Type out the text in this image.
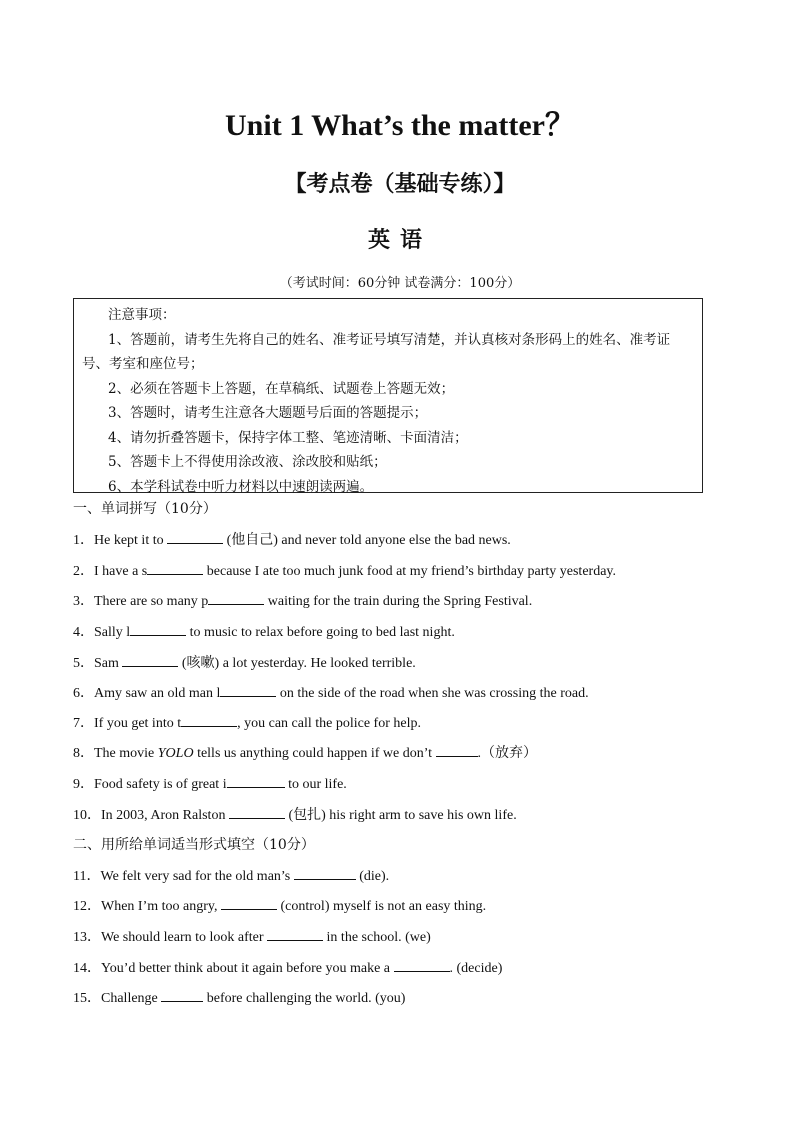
Unit 1 What’s the matter？
【考点卷（基础专练）】
英语
（考试时间：60分钟 试卷满分：100分）
注意事项：
1、答题前，请考生先将自己的姓名、准考证号填写清楚，并认真核对条形码上的姓名、准考证号、考室和座位号；
2、必须在答题卡上答题，在草稿纸、试题卷上答题无效；
3、答题时，请考生注意各大题题号后面的答题提示；
4、请勿折叠答题卡，保持字体工整、笔迹清晰、卡面清洁；
5、答题卡上不得使用涂改液、涂改胶和贴纸；
6、本学科试卷中听力材料以中速朗读两遍。
一、单词拼写（10分）
1．He kept it to	(他自己) and never told anyone else the bad news.
2．I have a s	because I ate too much junk food at my friend’s birthday party yesterday.
3．There are so many p	waiting for the train during the Spring Festival.
4．Sally l	to music to relax before going to bed last night.
5．Sam	(咳嗽) a lot yesterday. He looked terrible.
6．Amy saw an old man l	on the side of the road when she was crossing the road.
7．If you get into t	, you can call the police for help.
8．The movie YOLO tells us anything could happen if we don’t	.（放弃）
9．Food safety is of great i	to our life.
10．In 2003, Aron Ralston	(包扎) his right arm to save his own life.
二、用所给单词适当形式填空（10分）
11．We felt very sad for the old man’s	(die).
12．When I’m too angry,	(control) myself is not an easy thing.
13．We should learn to look after	in the school. (we)
14．You’d better think about it again before you make a	. (decide)
15．Challenge	before challenging the world. (you)
